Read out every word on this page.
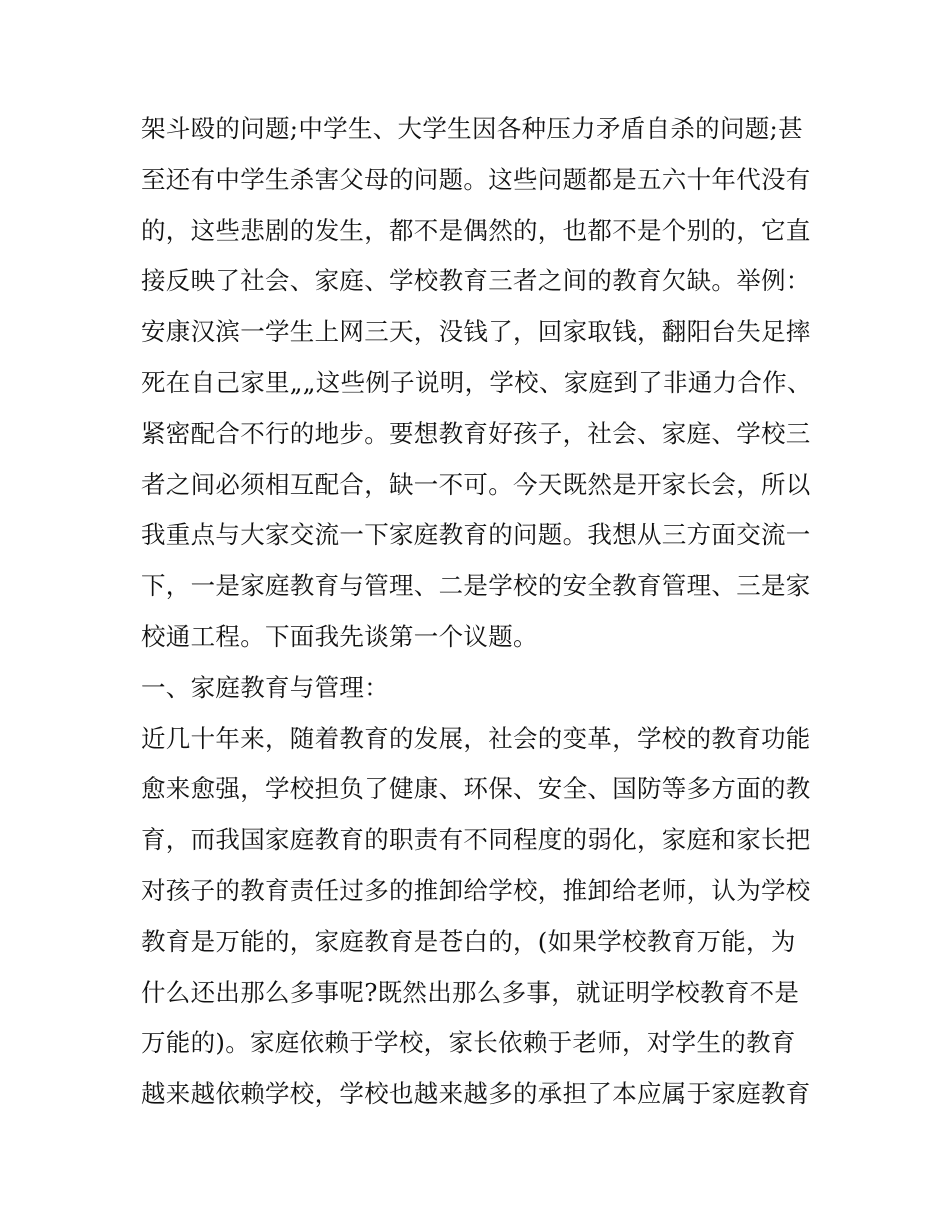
架斗殴的问题;中学生、大学生因各种压力矛盾自杀的问题;甚
至还有中学生杀害父母的问题。这些问题都是五六十年代没有
的，这些悲剧的发生，都不是偶然的，也都不是个别的，它直
接反映了社会、家庭、学校教育三者之间的教育欠缺。举例：
安康汉滨一学生上网三天，没钱了，回家取钱，翻阳台失足摔
死在自己家里„„这些例子说明，学校、家庭到了非通力合作、
紧密配合不行的地步。要想教育好孩子，社会、家庭、学校三
者之间必须相互配合，缺一不可。今天既然是开家长会，所以
我重点与大家交流一下家庭教育的问题。我想从三方面交流一
下，一是家庭教育与管理、二是学校的安全教育管理、三是家
校通工程。下面我先谈第一个议题。
一、家庭教育与管理：
近几十年来，随着教育的发展，社会的变革，学校的教育功能
愈来愈强，学校担负了健康、环保、安全、国防等多方面的教
育，而我国家庭教育的职责有不同程度的弱化，家庭和家长把
对孩子的教育责任过多的推卸给学校，推卸给老师，认为学校
教育是万能的，家庭教育是苍白的，(如果学校教育万能，为
什么还出那么多事呢?既然出那么多事，就证明学校教育不是
万能的)。家庭依赖于学校，家长依赖于老师，对学生的教育
越来越依赖学校，学校也越来越多的承担了本应属于家庭教育
